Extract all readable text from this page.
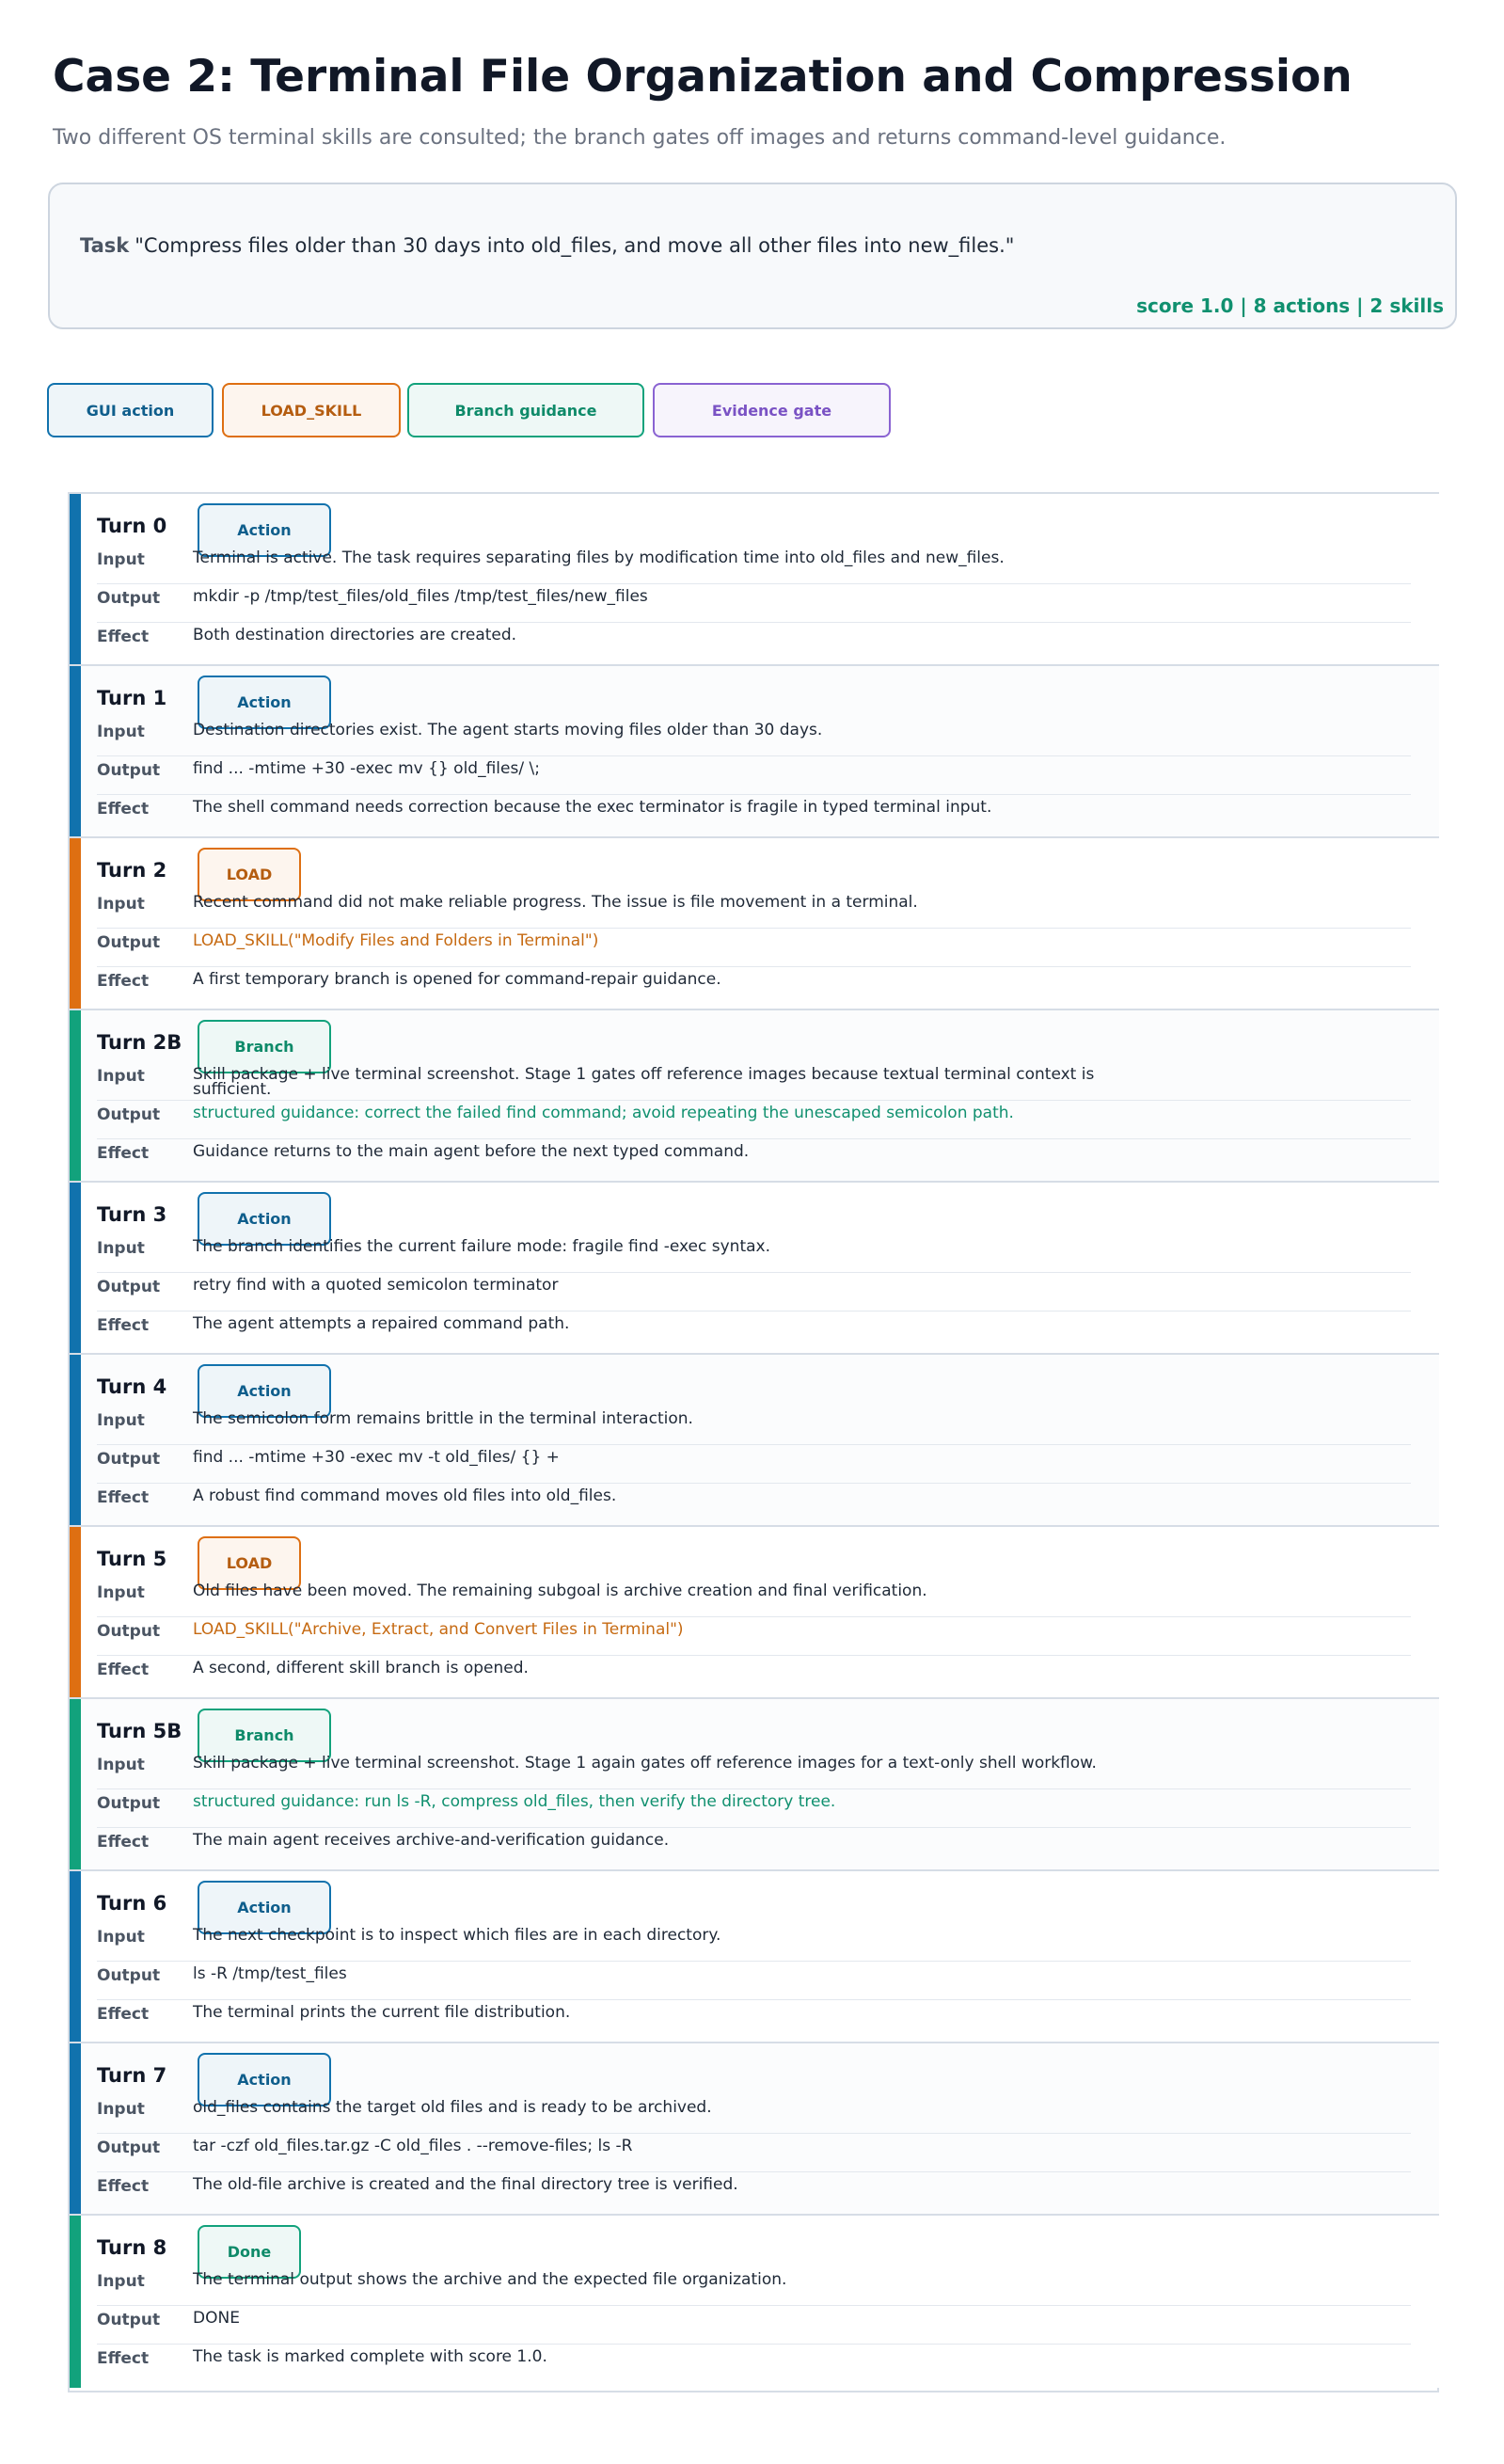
Case 2: Terminal File Organization and Compression
Two different OS terminal skills are consulted; the branch gates off images and returns command-level guidance.
Task "Compress files older than 30 days into old_files, and move all other files into new_files."
score 1.0 | 8 actions | 2 skills
GUI action	LOAD_SKILL	Branch guidance	Evidence gate
Turn 0	Action
Input	Terminal is active. The task requires separating files by modification time into old_files and new_files.
Output mkdir -p /tmp/test_files/old_files /tmp/test_files/new_files
Effect	Both destination directories are created.
Turn 1	Action
Input	Destination directories exist. The agent starts moving files older than 30 days.
Output find ... -mtime +30 -exec mv {} old_files/ \;
Effect	The shell command needs correction because the exec terminator is fragile in typed terminal input.
Turn 2	LOAD
Input	Recent command did not make reliable progress. The issue is file movement in a terminal.
Output LOAD_SKILL("Modify Files and Folders in Terminal")
Effect	A first temporary branch is opened for command-repair guidance.
Turn 2B	Branch
Input	Skill package + live terminal screenshot. Stage 1 gates off reference images because textual terminal context is sufficient.
Output structured guidance: correct the failed find command; avoid repeating the unescaped semicolon path.
Effect	Guidance returns to the main agent before the next typed command.
Turn 3	Action
Input	The branch identifies the current failure mode: fragile find -exec syntax.
Output retry find with a quoted semicolon terminator
Effect	The agent attempts a repaired command path.
Turn 4	Action
Input	The semicolon form remains brittle in the terminal interaction.
Output find ... -mtime +30 -exec mv -t old_files/ {} +
Effect	A robust find command moves old files into old_files.
Turn 5	LOAD
Input	Old files have been moved. The remaining subgoal is archive creation and final verification.
Output LOAD_SKILL("Archive, Extract, and Convert Files in Terminal")
Effect	A second, different skill branch is opened.
Turn 5B	Branch
Input	Skill package + live terminal screenshot. Stage 1 again gates off reference images for a text-only shell workflow.
Output structured guidance: run ls -R, compress old_files, then verify the directory tree.
Effect	The main agent receives archive-and-verification guidance.
Turn 6	Action
Input	The next checkpoint is to inspect which files are in each directory.
Output ls -R /tmp/test_files
Effect	The terminal prints the current file distribution.
Turn 7	Action
Input	old_files contains the target old files and is ready to be archived.
Output tar -czf old_files.tar.gz -C old_files . --remove-files; ls -R
Effect	The old-file archive is created and the final directory tree is verified.
Turn 8	Done
Input	The terminal output shows the archive and the expected file organization.
Output DONE
Effect	The task is marked complete with score 1.0.
